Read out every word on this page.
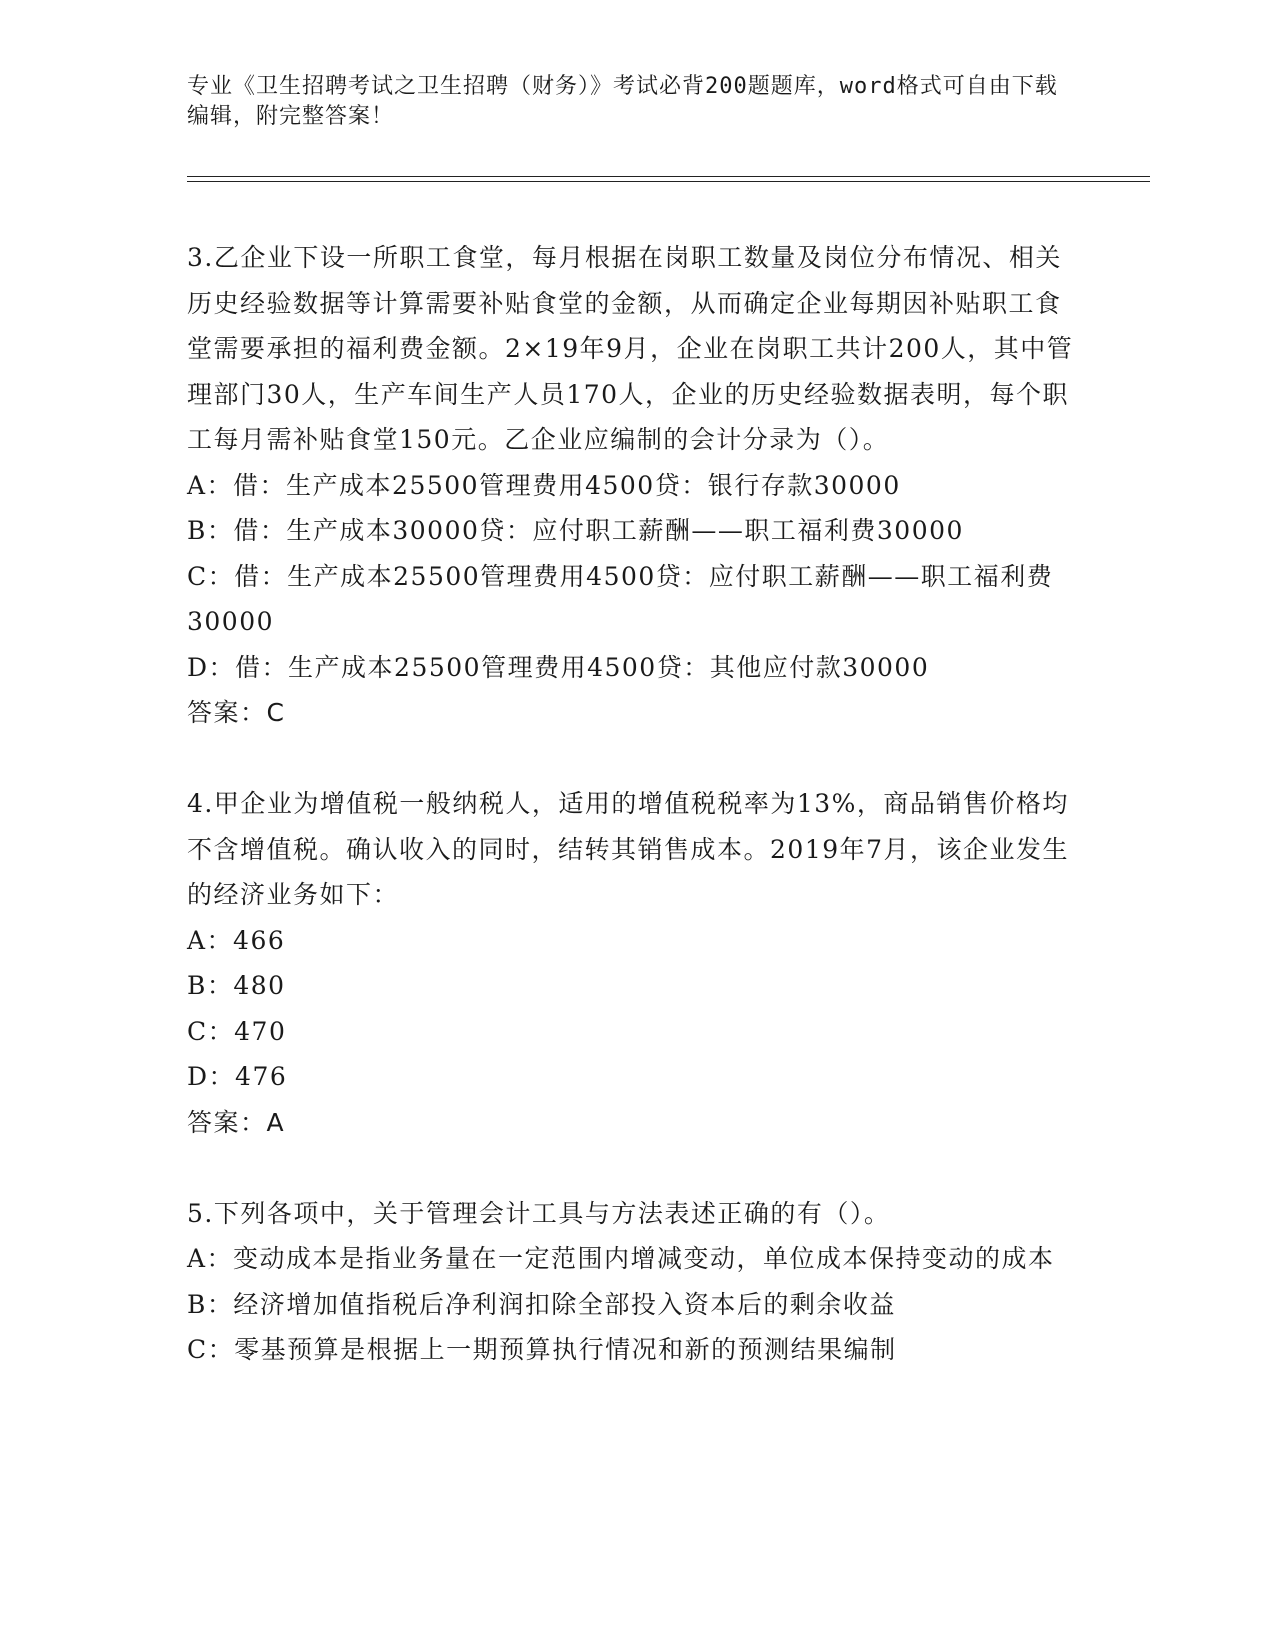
专业《卫生招聘考试之卫生招聘（财务）》考试必背200题题库，word格式可自由下载编辑，附完整答案！

3.乙企业下设一所职工食堂，每月根据在岗职工数量及岗位分布情况、相关历史经验数据等计算需要补贴食堂的金额，从而确定企业每期因补贴职工食堂需要承担的福利费金额。2×19年9月，企业在岗职工共计200人，其中管理部门30人，生产车间生产人员170人，企业的历史经验数据表明，每个职工每月需补贴食堂150元。乙企业应编制的会计分录为（）。

A：借：生产成本25500管理费用4500贷：银行存款30000

B：借：生产成本30000贷：应付职工薪酬——职工福利费30000

C：借：生产成本25500管理费用4500贷：应付职工薪酬——职工福利费30000

D：借：生产成本25500管理费用4500贷：其他应付款30000

答案：C

4.甲企业为增值税一般纳税人，适用的增值税税率为13%，商品销售价格均不含增值税。确认收入的同时，结转其销售成本。2019年7月，该企业发生的经济业务如下：

A：466

B：480

C：470

D：476

答案：A

5.下列各项中，关于管理会计工具与方法表述正确的有（）。

A：变动成本是指业务量在一定范围内增减变动，单位成本保持变动的成本

B：经济增加值指税后净利润扣除全部投入资本后的剩余收益

C：零基预算是根据上一期预算执行情况和新的预测结果编制
